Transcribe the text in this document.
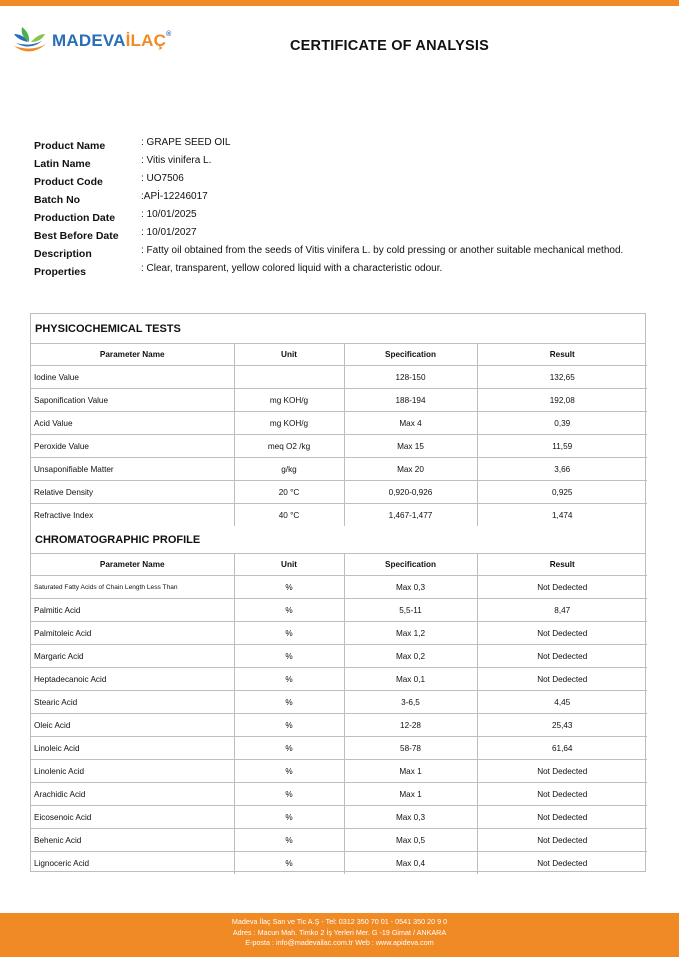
MADEVAİLAÇ®
CERTIFICATE OF ANALYSIS
Product Name	: GRAPE SEED OIL
Latin Name	: Vitis vinifera L.
Product Code	: UO7506
Batch No	:APİ-12246017
Production Date	: 10/01/2025
Best Before Date : 10/01/2027
Description	: Fatty oil obtained from the seeds of Vitis vinifera L. by cold pressing or another suitable mechanical method.
Properties	: Clear, transparent, yellow colored liquid with a characteristic odour.
PHYSICOCHEMICAL TESTS
Parameter Name	Unit	Specification	Result
Iodine Value		128-150	132,65
Saponification Value	mg KOH/g	188-194	192,08
Acid Value	mg KOH/g	Max 4	0,39
Peroxide Value	meq O2 /kg	Max 15	11,59
Unsaponifiable Matter	g/kg	Max 20	3,66
Relative Density	20 °C	0,920-0,926	0,925
Refractive Index	40 °C	1,467-1,477	1,474
CHROMATOGRAPHIC PROFILE
Parameter Name	Unit	Specification	Result
Saturated Fatty Acids of Chain Length Less Than	%	Max 0,3	Not Dedected
Palmitic Acid	%	5,5-11	8,47
Palmitoleic Acid	%	Max 1,2	Not Dedected
Margaric Acid	%	Max 0,2	Not Dedected
Heptadecanoic Acid	%	Max 0,1	Not Dedected
Stearic Acid	%	3-6,5	4,45
Oleic Acid	%	12-28	25,43
Linoleic Acid	%	58-78	61,64
Linolenic Acid	%	Max 1	Not Dedected
Arachidic Acid	%	Max 1	Not Dedected
Eicosenoic Acid	%	Max 0,3	Not Dedected
Behenic Acid	%	Max 0,5	Not Dedected
Lignoceric Acid	%	Max 0,4	Not Dedected
Madeva İlaç San ve Tic A.Ş - Tel: 0312 350 70 01 - 0541 350 20 9 0
Adres : Macun Mah. Timko 2 İş Yerleri Mer. G -19 Gimat / ANKARA
E-posta : info@madevailac.com.tr Web : www.apideva.com
